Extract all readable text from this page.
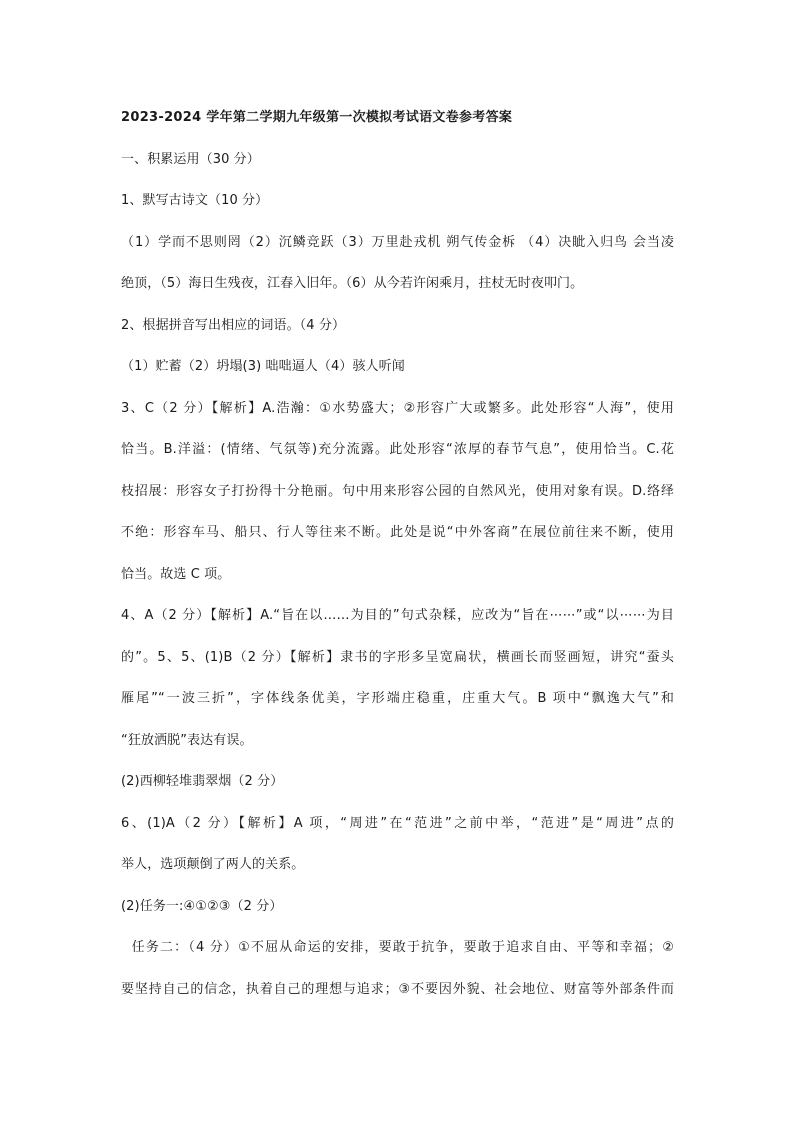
2023-2024 学年第二学期九年级第一次模拟考试语文卷参考答案
一、积累运用（30 分）
1、默写古诗文（10 分）
（1）学而不思则罔（2）沉鳞竞跃（3）万里赴戎机 朔气传金柝 （4）决眦入归鸟 会当凌
绝顶，（5）海日生残夜，江春入旧年。（6）从今若许闲乘月，拄杖无时夜叩门。
2、根据拼音写出相应的词语。（4 分）
（1）贮蓄（2）坍塌(3) 咄咄逼人（4）骇人听闻
3、C（2 分）【解析】A.浩瀚：①水势盛大；②形容广大或繁多。此处形容“人海”，使用
恰当。B.洋溢：(情绪、气氛等)充分流露。此处形容“浓厚的春节气息”，使用恰当。C.花
枝招展：形容女子打扮得十分艳丽。句中用来形容公园的自然风光，使用对象有误。D.络绎
不绝：形容车马、船只、行人等往来不断。此处是说“中外客商”在展位前往来不断，使用
恰当。故选 C 项。
4、A（2 分）【解析】A.“旨在以……为目的”句式杂糅，应改为“旨在⋯⋯”或“以⋯⋯为目
的”。5、5、(1)B（2 分）【解析】隶书的字形多呈宽扁状，横画长而竖画短，讲究“蚕头
雁尾”“一波三折”，字体线条优美，字形端庄稳重，庄重大气。B 项中“飘逸大气”和
“狂放洒脱”表达有误。
(2)西柳轻堆翡翠烟（2 分）
6、(1)A（2 分）【解析】A 项，“周进”在“范进”之前中举，“范进”是“周进”点的
举人，选项颠倒了两人的关系。
(2)任务一:④①②③（2 分）
任务二：（4 分）①不屈从命运的安排，要敢于抗争，要敢于追求自由、平等和幸福；②
要坚持自己的信念，执着自己的理想与追求；③不要因外貌、社会地位、财富等外部条件而
